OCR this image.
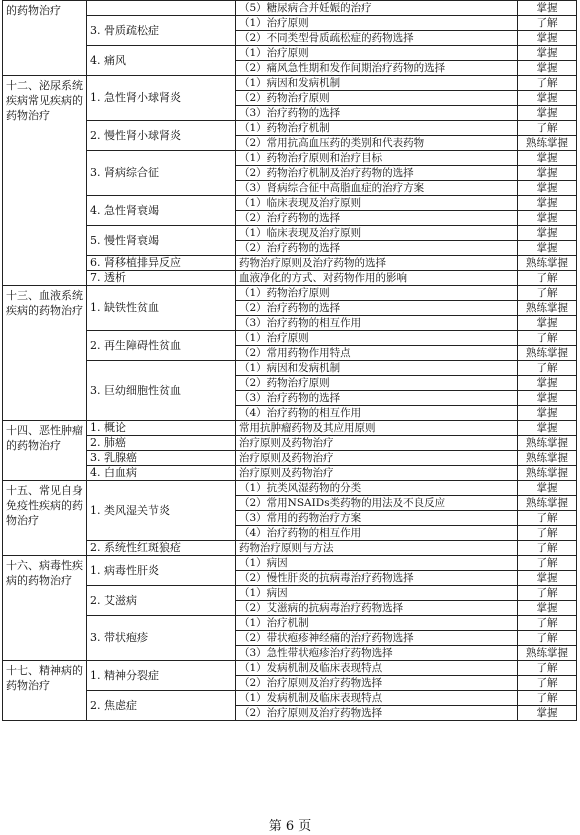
的药物治疗		（5）糖尿病合并妊娠的治疗	掌握
	3. 骨质疏松症	（1）治疗原则	了解
		（2）不同类型骨质疏松症的药物选择	掌握
	4. 痛风	（1）治疗原则	掌握
		（2）痛风急性期和发作间期治疗药物的选择	掌握
十二、泌尿系统疾病常见疾病的药物治疗	1. 急性肾小球肾炎	（1）病因和发病机制	了解
		（2）药物治疗原则	掌握
		（3）治疗药物的选择	掌握
	2. 慢性肾小球肾炎	（1）药物治疗机制	了解
		（2）常用抗高血压药的类别和代表药物	熟练掌握
	3. 肾病综合征	（1）药物治疗原则和治疗目标	掌握
		（2）药物治疗机制及治疗药物的选择	掌握
		（3）肾病综合征中高脂血症的治疗方案	掌握
	4. 急性肾衰竭	（1）临床表现及治疗原则	掌握
		（2）治疗药物的选择	掌握
	5. 慢性肾衰竭	（1）临床表现及治疗原则	掌握
		（2）治疗药物的选择	掌握
	6. 肾移植排异反应	药物治疗原则及治疗药物的选择	熟练掌握
	7. 透析	血液净化的方式、对药物作用的影响	了解
十三、血液系统疾病的药物治疗	1. 缺铁性贫血	（1）药物治疗原则	了解
		（2）治疗药物的选择	熟练掌握
		（3）治疗药物的相互作用	掌握
	2. 再生障碍性贫血	（1）治疗原则	了解
		（2）常用药物作用特点	熟练掌握
	3. 巨幼细胞性贫血	（1）病因和发病机制	了解
		（2）药物治疗原则	掌握
		（3）治疗药物的选择	掌握
		（4）治疗药物的相互作用	掌握
十四、恶性肿瘤的药物治疗	1. 概论	常用抗肿瘤药物及其应用原则	掌握
	2. 肺癌	治疗原则及药物治疗	熟练掌握
	3. 乳腺癌	治疗原则及药物治疗	熟练掌握
	4. 白血病	治疗原则及药物治疗	熟练掌握
十五、常见自身免疫性疾病的药物治疗	1. 类风湿关节炎	（1）抗类风湿药物的分类	掌握
		（2）常用NSAIDs类药物的用法及不良反应	熟练掌握
		（3）常用的药物治疗方案	了解
		（4）治疗药物的相互作用	了解
	2. 系统性红斑狼疮	药物治疗原则与方法	了解
十六、病毒性疾病的药物治疗	1. 病毒性肝炎	（1）病因	了解
		（2）慢性肝炎的抗病毒治疗药物选择	掌握
	2. 艾滋病	（1）病因	了解
		（2）艾滋病的抗病毒治疗药物选择	掌握
	3. 带状疱疹	（1）治疗机制	了解
		（2）带状疱疹神经痛的治疗药物选择	了解
		（3）急性带状疱疹治疗药物选择	熟练掌握
十七、精神病的药物治疗	1. 精神分裂症	（1）发病机制及临床表现特点	了解
		（2）治疗原则及治疗药物选择	了解
	2. 焦虑症	（1）发病机制及临床表现特点	了解
		（2）治疗原则及治疗药物选择	掌握
第 6 页
